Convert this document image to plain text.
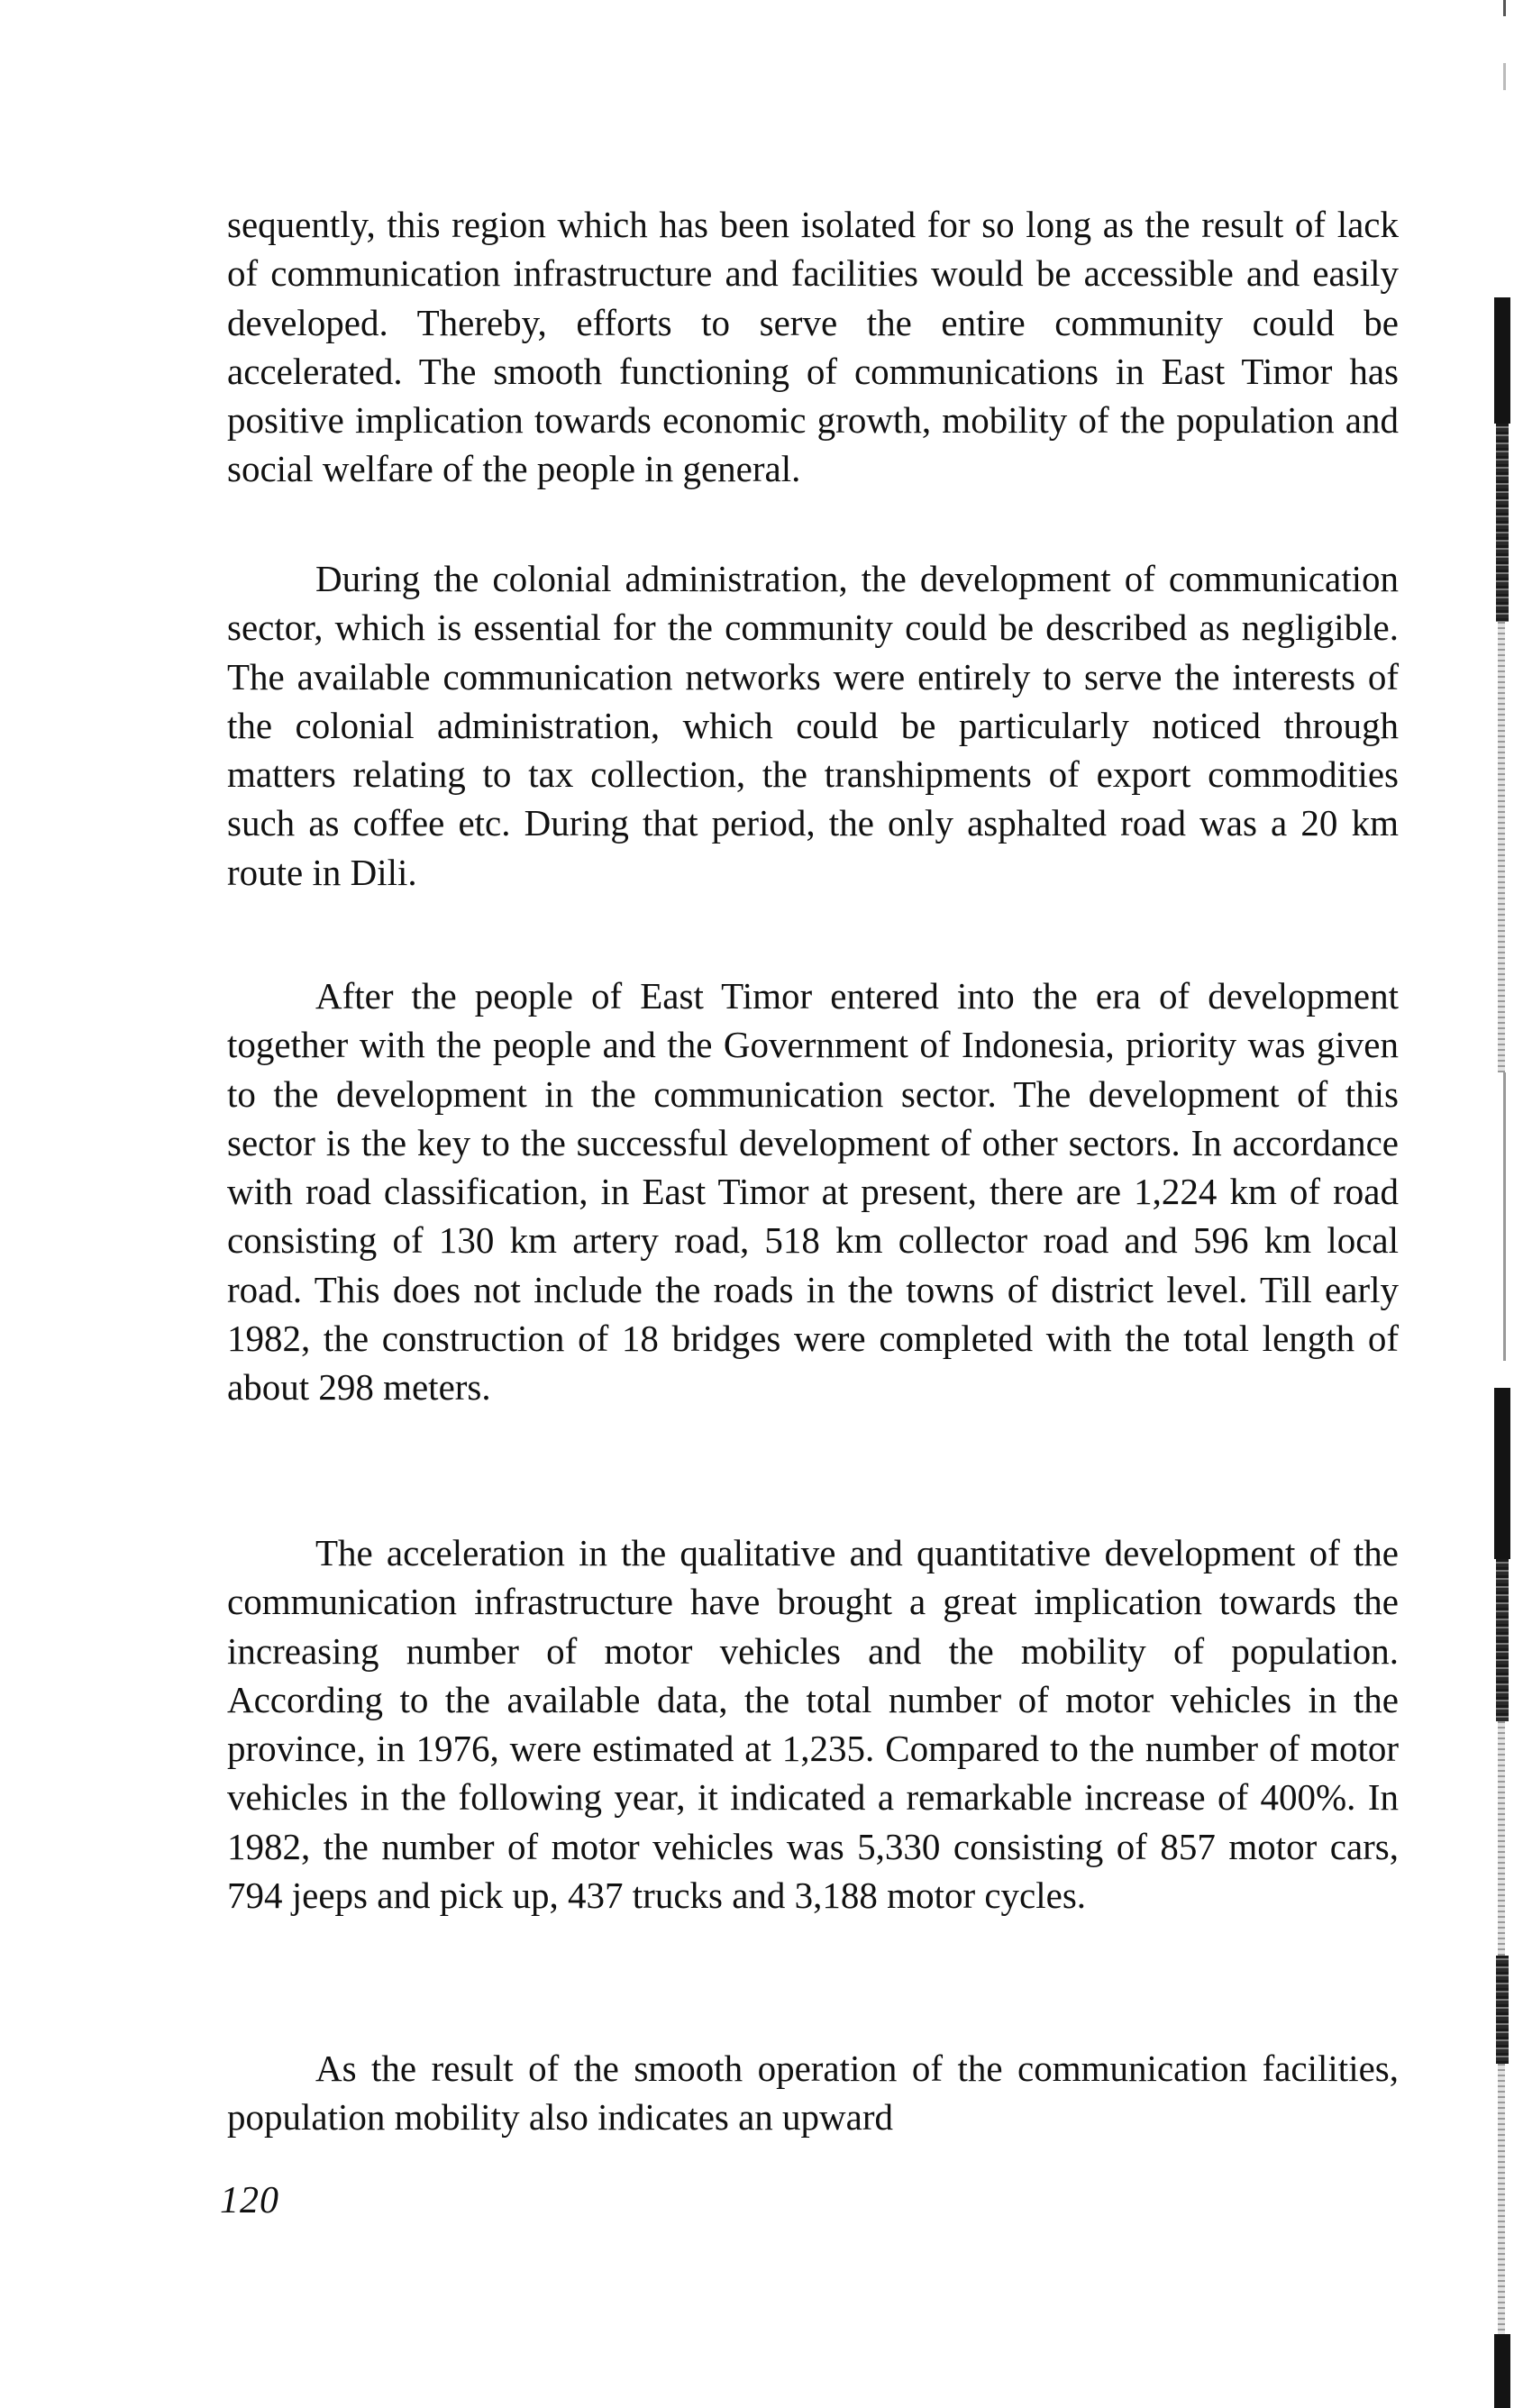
sequently, this region which has been isolated for so long as the result of lack of communication infrastructure and facilities would be accessible and easily developed. Thereby, efforts to serve the entire community could be accelerated. The smooth functioning of communications in East Timor has positive implication towards economic growth, mobility of the population and social welfare of the people in general.

During the colonial administration, the development of communication sector, which is essential for the community could be described as negligible. The available communication networks were entirely to serve the interests of the colonial administration, which could be particularly noticed through matters relating to tax collection, the transhipments of export commodities such as coffee etc. During that period, the only asphalted road was a 20 km route in Dili.

After the people of East Timor entered into the era of development together with the people and the Government of Indonesia, priority was given to the development in the communication sector. The development of this sector is the key to the successful development of other sectors. In accordance with road classification, in East Timor at present, there are 1,224 km of road consisting of 130 km artery road, 518 km collector road and 596 km local road. This does not include the roads in the towns of district level. Till early 1982, the construction of 18 bridges were completed with the total length of about 298 meters.

The acceleration in the qualitative and quantitative development of the communication infrastructure have brought a great implication towards the increasing number of motor vehicles and the mobility of population. According to the available data, the total number of motor vehicles in the province, in 1976, were estimated at 1,235. Compared to the number of motor vehicles in the following year, it indicated a remarkable increase of 400%. In 1982, the number of motor vehicles was 5,330 consisting of 857 motor cars, 794 jeeps and pick up, 437 trucks and 3,188 motor cycles.

As the result of the smooth operation of the communication facilities, population mobility also indicates an upward

120
